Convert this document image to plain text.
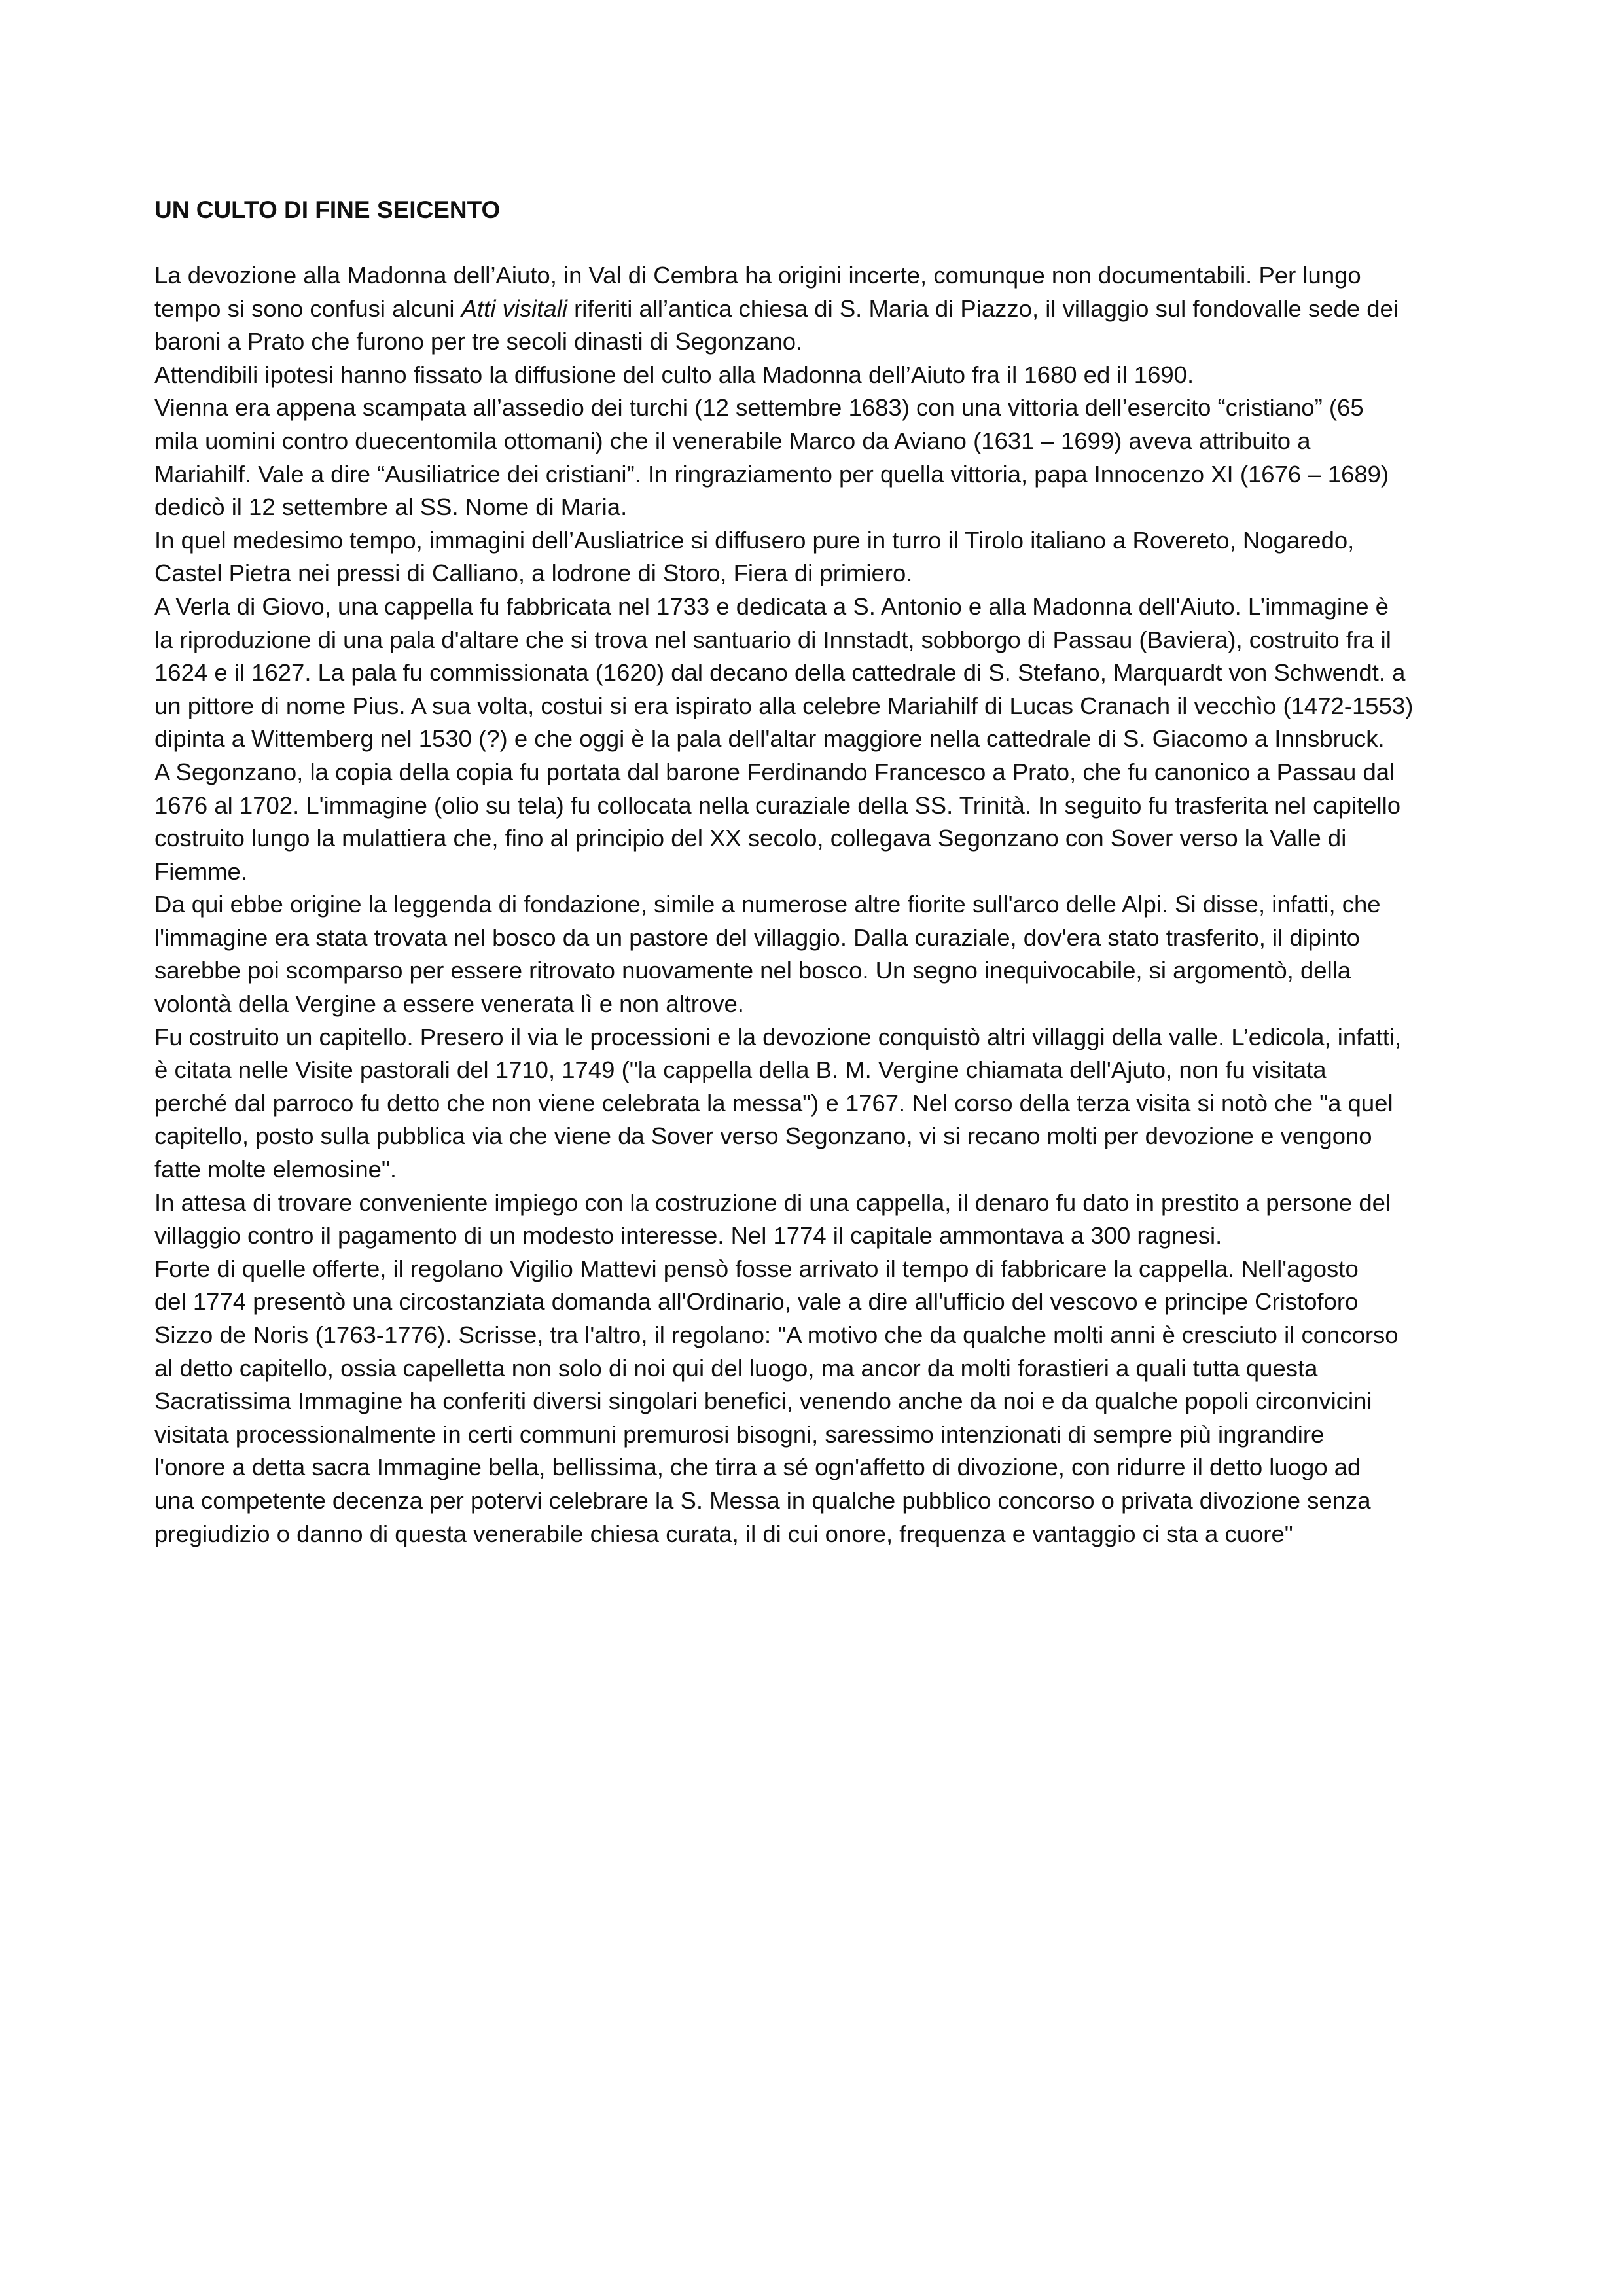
UN CULTO DI FINE SEICENTO
La devozione alla Madonna dell’Aiuto, in Val di Cembra ha origini incerte, comunque non documentabili. Per lungo
tempo si sono confusi alcuni Atti visitali riferiti all’antica chiesa di S. Maria di Piazzo, il villaggio sul fondovalle sede dei
baroni a Prato che furono per tre secoli dinasti di Segonzano.
Attendibili ipotesi hanno fissato la diffusione del culto alla Madonna dell’Aiuto fra il 1680 ed il 1690.
Vienna era appena scampata all’assedio dei turchi (12 settembre 1683) con una vittoria dell’esercito “cristiano” (65
mila uomini contro duecentomila ottomani) che il venerabile Marco da Aviano (1631 – 1699) aveva attribuito a
Mariahilf. Vale a dire “Ausiliatrice dei cristiani”. In ringraziamento per quella vittoria, papa Innocenzo XI (1676 – 1689)
dedicò il 12 settembre al SS. Nome di Maria.
In quel medesimo tempo, immagini dell’Ausliatrice si diffusero pure in turro il Tirolo italiano a Rovereto, Nogaredo,
Castel Pietra nei pressi di Calliano, a lodrone di Storo, Fiera di primiero.
A Verla di Giovo, una cappella fu fabbricata nel 1733 e dedicata a S. Antonio e alla Madonna dell'Aiuto. L’immagine è
la riproduzione di una pala d'altare che si trova nel santuario di Innstadt, sobborgo di Passau (Baviera), costruito fra il
1624 e il 1627. La pala fu commissionata (1620) dal decano della cattedrale di S. Stefano, Marquardt von Schwendt. a
un pittore di nome Pius. A sua volta, costui si era ispirato alla celebre Mariahilf di Lucas Cranach il vecchìo (1472-1553)
dipinta a Wittemberg nel 1530 (?) e che oggi è la pala dell'altar maggiore nella cattedrale di S. Giacomo a Innsbruck.
A Segonzano, la copia della copia fu portata dal barone Ferdinando Francesco a Prato, che fu canonico a Passau dal
1676 al 1702. L'immagine (olio su tela) fu collocata nella curaziale della SS. Trinità. In seguito fu trasferita nel capitello
costruito lungo la mulattiera che, fino al principio del XX secolo, collegava Segonzano con Sover verso la Valle di
Fiemme.
Da qui ebbe origine la leggenda di fondazione, simile a numerose altre fiorite sull'arco delle Alpi. Si disse, infatti, che
l'immagine era stata trovata nel bosco da un pastore del villaggio. Dalla curaziale, dov'era stato trasferito, il dipinto
sarebbe poi scomparso per essere ritrovato nuovamente nel bosco. Un segno inequivocabile, si argomentò, della
volontà della Vergine a essere venerata lì e non altrove.
Fu costruito un capitello. Presero il via le processioni e la devozione conquistò altri villaggi della valle. L’edicola, infatti,
è citata nelle Visite pastorali del 1710, 1749 ("la cappella della B. M. Vergine chiamata dell'Ajuto, non fu visitata
perché dal parroco fu detto che non viene celebrata la messa") e 1767. Nel corso della terza visita si notò che "a quel
capitello, posto sulla pubblica via che viene da Sover verso Segonzano, vi si recano molti per devozione e vengono
fatte molte elemosine".
In attesa di trovare conveniente impiego con la costruzione di una cappella, il denaro fu dato in prestito a persone del
villaggio contro il pagamento di un modesto interesse. Nel 1774 il capitale ammontava a 300 ragnesi.
Forte di quelle offerte, il regolano Vigilio Mattevi pensò fosse arrivato il tempo di fabbricare la cappella. Nell'agosto
del 1774 presentò una circostanziata domanda all'Ordinario, vale a dire all'ufficio del vescovo e principe Cristoforo
Sizzo de Noris (1763-1776). Scrisse, tra l'altro, il regolano: "A motivo che da qualche molti anni è cresciuto il concorso
al detto capitello, ossia capelletta non solo di noi qui del luogo, ma ancor da molti forastieri a quali tutta questa
Sacratissima Immagine ha conferiti diversi singolari benefici, venendo anche da noi e da qualche popoli circonvicini
visitata processionalmente in certi communi premurosi bisogni, saressimo intenzionati di sempre più ingrandire
l'onore a detta sacra Immagine bella, bellissima, che tirra a sé ogn'affetto di divozione, con ridurre il detto luogo ad
una competente decenza per potervi celebrare la S. Messa in qualche pubblico concorso o privata divozione senza
pregiudizio o danno di questa venerabile chiesa curata, il di cui onore, frequenza e vantaggio ci sta a cuore"
